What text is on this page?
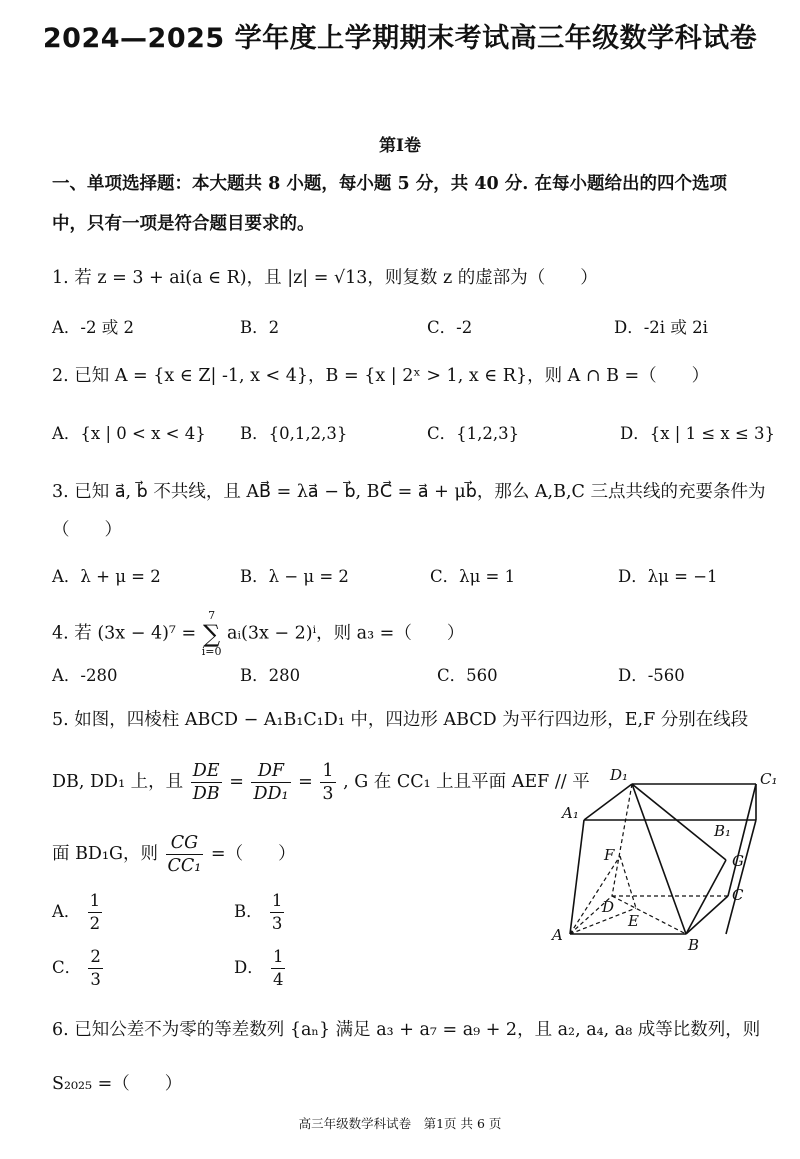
2024—2025 学年度上学期期末考试高三年级数学科试卷
第Ⅰ卷
一、单项选择题：本大题共 8 小题，每小题 5 分，共 40 分. 在每小题给出的四个选项
中，只有一项是符合题目要求的。
1. 若 z = 3 + ai(a ∈ R)，且 |z| = √13，则复数 z 的虚部为（　　）
A．-2 或 2	B．2	C．-2	D．-2i 或 2i
2. 已知 A = {x ∈ Z| -1, x < 4}，B = {x | 2ˣ > 1, x ∈ R}，则 A ∩ B =（　　）
A．{x | 0 < x < 4} B．{0,1,2,3}	C．{1,2,3}	D．{x | 1 ≤ x ≤ 3}
3. 已知 a⃗, b⃗ 不共线，且 AB⃗ = λa⃗ − b⃗, BC⃗ = a⃗ + μb⃗，那么 A,B,C 三点共线的充要条件为
（　　）
A．λ + μ = 2	B．λ − μ = 2	C．λμ = 1	D．λμ = −1
4. 若 (3x − 4)⁷ =
7
∑
i=0
aᵢ(3x − 2)ⁱ，则 a₃ =（　　）
A．-280	B．280	C．560	D．-560
5. 如图，四棱柱 ABCD − A₁B₁C₁D₁ 中，四边形 ABCD 为平行四边形，E,F 分别在线段
DB, DD₁ 上，且 $\frac{DE}{DB} = \frac{DF}{\text{DD₁}} = \frac{1}{3}$ , G 在 CC₁ 上且平面 AEF // 平
面 BD₁G，则 $\frac{CG}{\text{CC₁}}$ =（　　）
A． $\frac{1}{2}$	B． $\frac{1}{3}$
C． $\frac{2}{3}$	D． $\frac{1}{4}$
A
B
C
D
A₁
B₁
C₁
D₁
E
F	G
6. 已知公差不为零的等差数列 {aₙ} 满足 a₃ + a₇ = a₉ + 2，且 a₂, a₄, a₈ 成等比数列，则
S₂₀₂₅ =（　　）
高三年级数学科试卷　第1页 共 6 页
